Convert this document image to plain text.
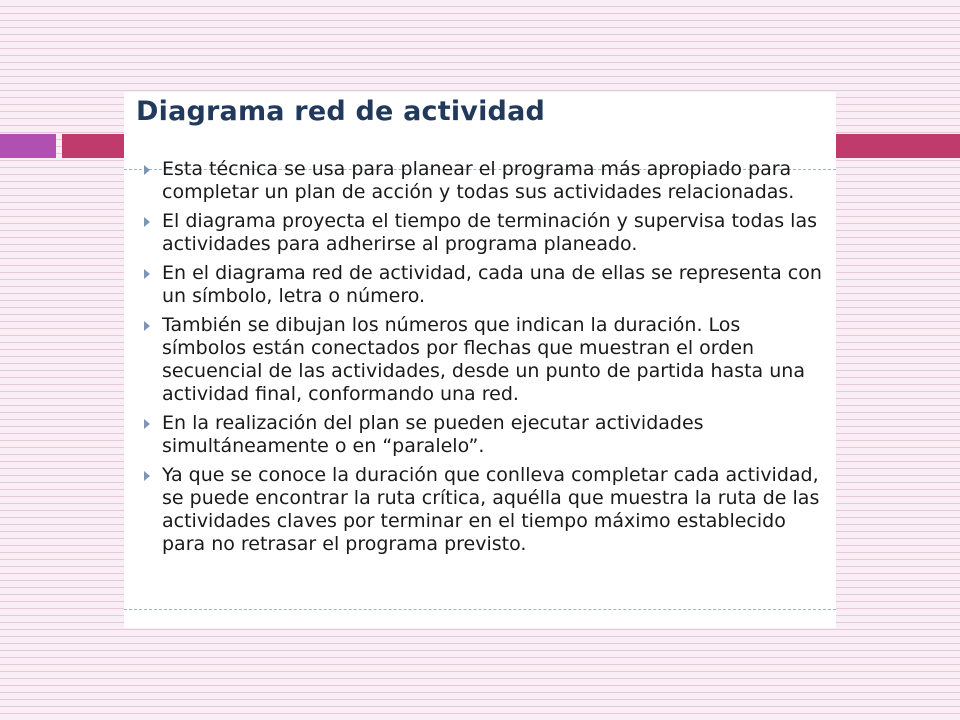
Diagrama red de actividad
Esta técnica se usa para planear el programa más apropiado para completar un plan de acción y todas sus actividades relacionadas.
El diagrama proyecta el tiempo de terminación y supervisa todas las actividades para adherirse al programa planeado.
En el diagrama red de actividad, cada una de ellas se representa con un símbolo, letra o número.
También se dibujan los números que indican la duración. Los símbolos están conectados por flechas que muestran el orden secuencial de las actividades, desde un punto de partida hasta una actividad final, conformando una red.
En la realización del plan se pueden ejecutar actividades simultáneamente o en “paralelo”.
Ya que se conoce la duración que conlleva completar cada actividad, se puede encontrar la ruta crítica, aquélla que muestra la ruta de las actividades claves por terminar en el tiempo máximo establecido para no retrasar el programa previsto.
